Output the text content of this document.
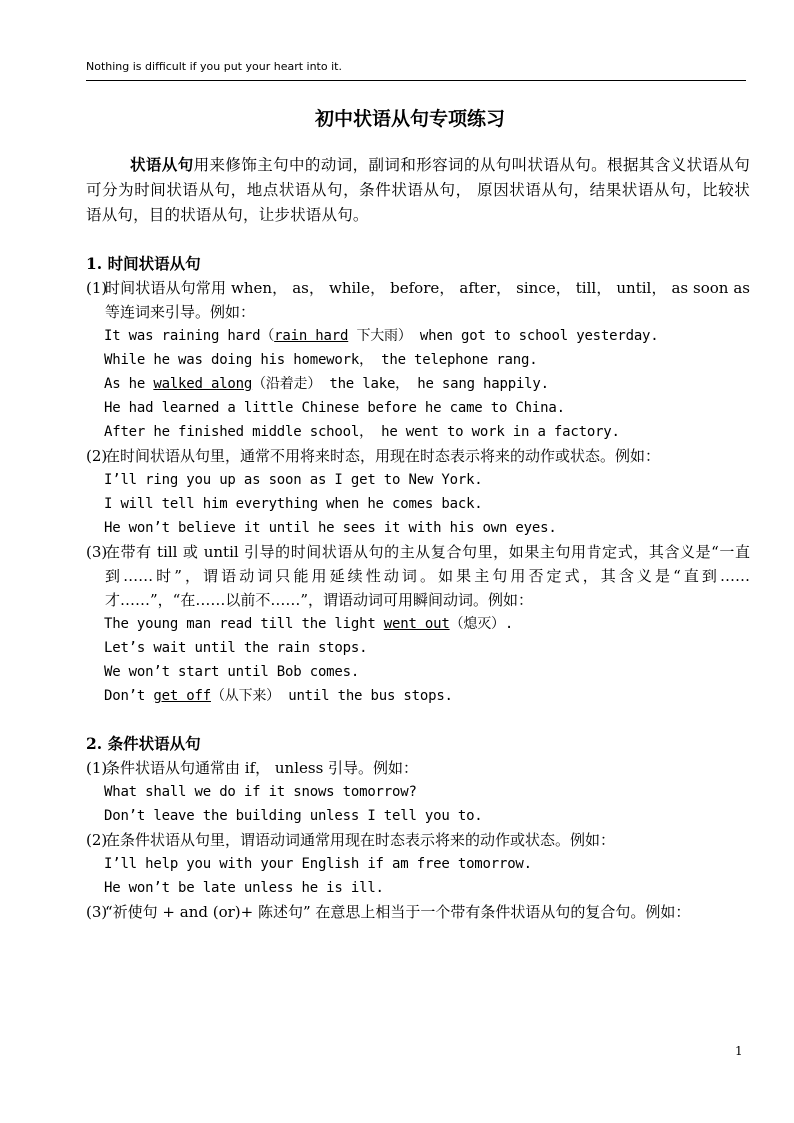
Nothing is difficult if you put your heart into it.
初中状语从句专项练习
状语从句用来修饰主句中的动词，副词和形容词的从句叫状语从句。根据其含义状语从句可分为时间状语从句，地点状语从句，条件状语从句， 原因状语从句，结果状语从句，比较状语从句，目的状语从句，让步状语从句。
1. 时间状语从句
(1)
时间状语从句常用 when， as， while， before， after， since， till， until， as soon as 等连词来引导。例如：
It was raining hard（rain hard 下大雨） when got to school yesterday.
While he was doing his homework， the telephone rang.
As he walked along（沿着走） the lake， he sang happily.
He had learned a little Chinese before he came to China.
After he finished middle school， he went to work in a factory.
(2)
在时间状语从句里，通常不用将来时态，用现在时态表示将来的动作或状态。例如：
I’ll ring you up as soon as I get to New York.
I will tell him everything when he comes back.
He won’t believe it until he sees it with his own eyes.
(3)
在带有 till 或 until 引导的时间状语从句的主从复合句里，如果主句用肯定式，其含义是“一直到……时”，谓语动词只能用延续性动词。如果主句用否定式，其含义是“直到……才……”，“在……以前不……”，谓语动词可用瞬间动词。例如：
The young man read till the light went out（熄灭）.
Let’s wait until the rain stops.
We won’t start until Bob comes.
Don’t get off（从下来） until the bus stops.
2. 条件状语从句
(1)
条件状语从句通常由 if， unless 引导。例如：
What shall we do if it snows tomorrow?
Don’t leave the building unless I tell you to.
(2)
在条件状语从句里，谓语动词通常用现在时态表示将来的动作或状态。例如：
I’ll help you with your English if am free tomorrow.
He won’t be late unless he is ill.
(3)
“祈使句 + and (or)+ 陈述句” 在意思上相当于一个带有条件状语从句的复合句。例如：
1
